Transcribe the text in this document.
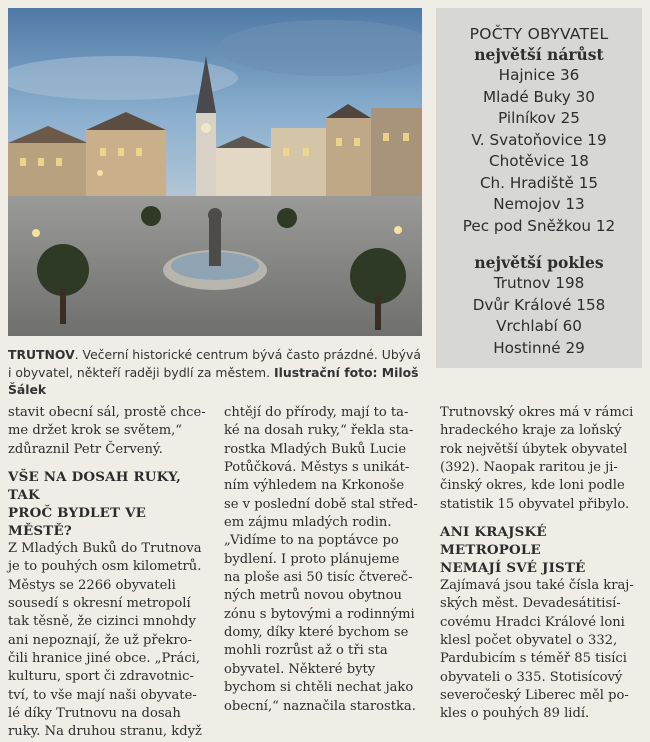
TRUTNOV. Večerní historické centrum bývá často prázdné. Ubývá i obyvatel, někteří raději bydlí za městem. Ilustrační foto: Miloš Šálek
POČTY OBYVATEL
největší nárůst
Hajnice 36
Mladé Buky 30
Pilníkov 25
V. Svatoňovice 19
Chotěvice 18
Ch. Hradiště 15
Nemojov 13
Pec pod Sněžkou 12
největší pokles
Trutnov 198
Dvůr Králové 158
Vrchlabí 60
Hostinné 29

stavit obecní sál, prostě chce-

me držet krok se světem,“

zdůraznil Petr Červený.

VŠE NA DOSAH RUKY, TAK
PROČ BYDLET VE MĚSTĚ?

Z Mladých Buků do Trutnova

je to pouhých osm kilometrů.

Městys se 2266 obyvateli

sousedí s okresní metropolí

tak těsně, že cizinci mnohdy

ani nepoznají, že už překro-

čili hranice jiné obce. „Práci,

kulturu, sport či zdravotnic-

tví, to vše mají naši obyvate-

lé díky Trutnovu na dosah

ruky. Na druhou stranu, když

chtějí do přírody, mají to ta-

ké na dosah ruky,“ řekla sta-

rostka Mladých Buků Lucie

Potůčková. Městys s unikát-

ním výhledem na Krkonoše

se v poslední době stal střed-

em zájmu mladých rodin.

„Vidíme to na poptávce po

bydlení. I proto plánujeme

na ploše asi 50 tisíc čtvereč-

ných metrů novou obytnou

zónu s bytovými a rodinnými

domy, díky které bychom se

mohli rozrůst až o tři sta

obyvatel. Některé byty

bychom si chtěli nechat jako

obecní,“ naznačila starostka.

Trutnovský okres má v rámci

hradeckého kraje za loňský

rok největší úbytek obyvatel

(392). Naopak raritou je ji-

činský okres, kde loni podle

statistik 15 obyvatel přibylo.

ANI KRAJSKÉ METROPOLE
NEMAJÍ SVÉ JISTÉ

Zajímavá jsou také čísla kraj-

ských měst. Devadesátitisí-

covému Hradci Králové loni

klesl počet obyvatel o 332,

Pardubicím s téměř 85 tisíci

obyvateli o 335. Stotisícový

severočeský Liberec měl po-

kles o pouhých 89 lidí.
